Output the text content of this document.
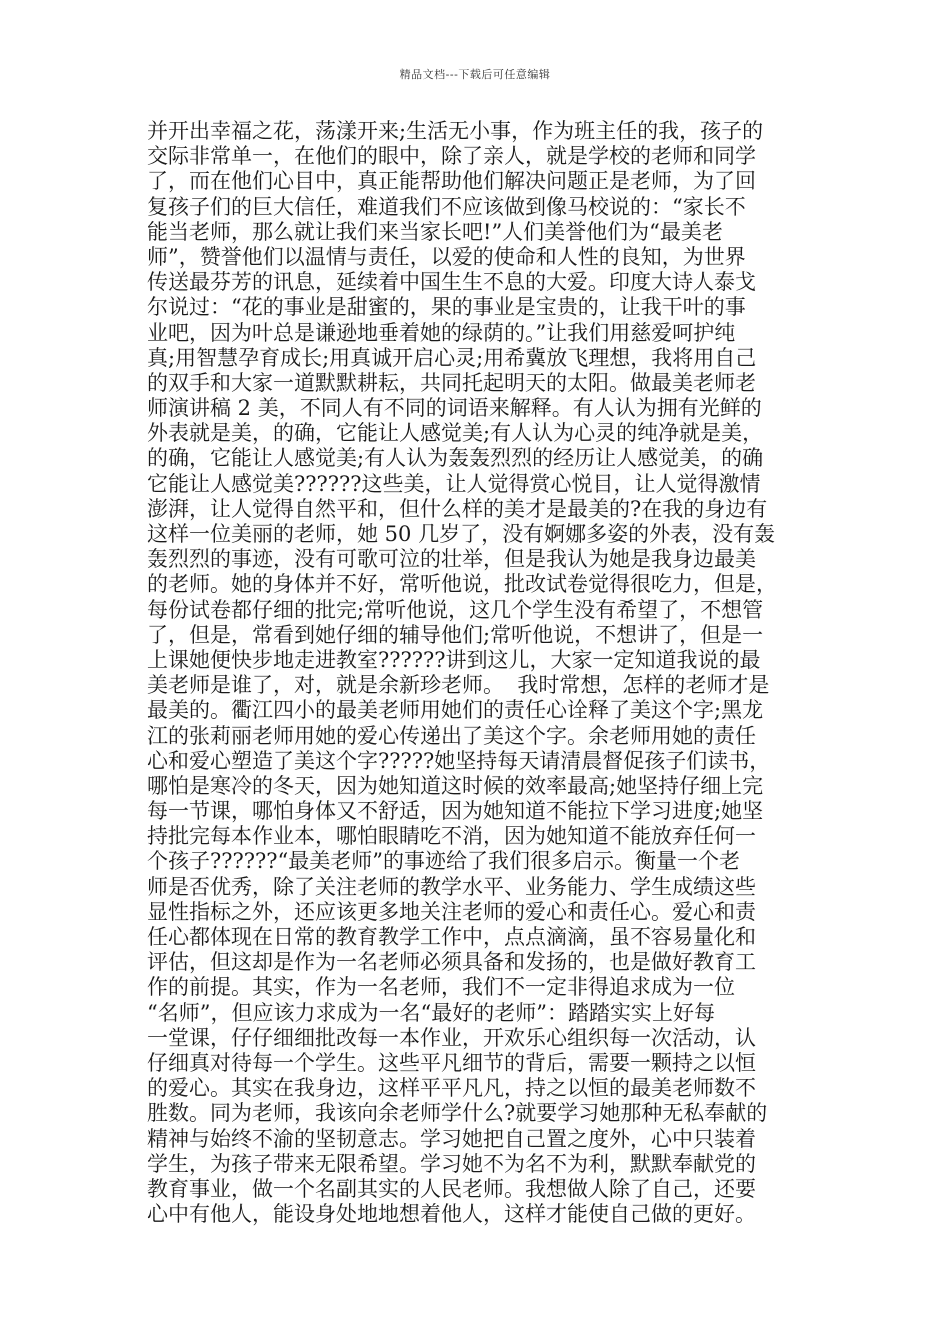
精品文档---下载后可任意编辑
并开出幸福之花，荡漾开来;生活无小事，作为班主任的我，孩子的
交际非常单一，在他们的眼中，除了亲人，就是学校的老师和同学
了，而在他们心目中，真正能帮助他们解决问题正是老师，为了回
复孩子们的巨大信任，难道我们不应该做到像马校说的：“家长不
能当老师，那么就让我们来当家长吧!”人们美誉他们为“最美老
师”，赞誉他们以温情与责任，以爱的使命和人性的良知，为世界
传送最芬芳的讯息，延续着中国生生不息的大爱。印度大诗人泰戈
尔说过：“花的事业是甜蜜的，果的事业是宝贵的，让我干叶的事
业吧，因为叶总是谦逊地垂着她的绿荫的。”让我们用慈爱呵护纯
真;用智慧孕育成长;用真诚开启心灵;用希冀放飞理想，我将用自己
的双手和大家一道默默耕耘，共同托起明天的太阳。做最美老师老
师演讲稿 2 美，不同人有不同的词语来解释。有人认为拥有光鲜的
外表就是美，的确，它能让人感觉美;有人认为心灵的纯净就是美，
的确，它能让人感觉美;有人认为轰轰烈烈的经历让人感觉美，的确
它能让人感觉美??????这些美，让人觉得赏心悦目，让人觉得激情
澎湃，让人觉得自然平和，但什么样的美才是最美的?在我的身边有
这样一位美丽的老师，她 50 几岁了，没有婀娜多姿的外表，没有轰
轰烈烈的事迹，没有可歌可泣的壮举，但是我认为她是我身边最美
的老师。她的身体并不好，常听他说，批改试卷觉得很吃力，但是，
每份试卷都仔细的批完;常听他说，这几个学生没有希望了，不想管
了，但是，常看到她仔细的辅导他们;常听他说，不想讲了，但是一
上课她便快步地走进教室??????讲到这儿，大家一定知道我说的最
美老师是谁了，对，就是余新珍老师。  我时常想，怎样的老师才是
最美的。衢江四小的最美老师用她们的责任心诠释了美这个字;黑龙
江的张莉丽老师用她的爱心传递出了美这个字。余老师用她的责任
心和爱心塑造了美这个字?????她坚持每天请清晨督促孩子们读书，
哪怕是寒冷的冬天，因为她知道这时候的效率最高;她坚持仔细上完
每一节课，哪怕身体又不舒适，因为她知道不能拉下学习进度;她坚
持批完每本作业本，哪怕眼睛吃不消，因为她知道不能放弃任何一
个孩子??????“最美老师”的事迹给了我们很多启示。衡量一个老
师是否优秀，除了关注老师的教学水平、业务能力、学生成绩这些
显性指标之外，还应该更多地关注老师的爱心和责任心。爱心和责
任心都体现在日常的教育教学工作中，点点滴滴，虽不容易量化和
评估，但这却是作为一名老师必须具备和发扬的，也是做好教育工
作的前提。其实，作为一名老师，我们不一定非得追求成为一位
“名师”，但应该力求成为一名“最好的老师”：踏踏实实上好每
一堂课，仔仔细细批改每一本作业，开欢乐心组织每一次活动，认
仔细真对待每一个学生。这些平凡细节的背后，需要一颗持之以恒
的爱心。其实在我身边，这样平平凡凡，持之以恒的最美老师数不
胜数。同为老师，我该向余老师学什么?就要学习她那种无私奉献的
精神与始终不渝的坚韧意志。学习她把自己置之度外，心中只装着
学生，为孩子带来无限希望。学习她不为名不为利，默默奉献党的
教育事业，做一个名副其实的人民老师。我想做人除了自己，还要
心中有他人，能设身处地地想着他人，这样才能使自己做的更好。
